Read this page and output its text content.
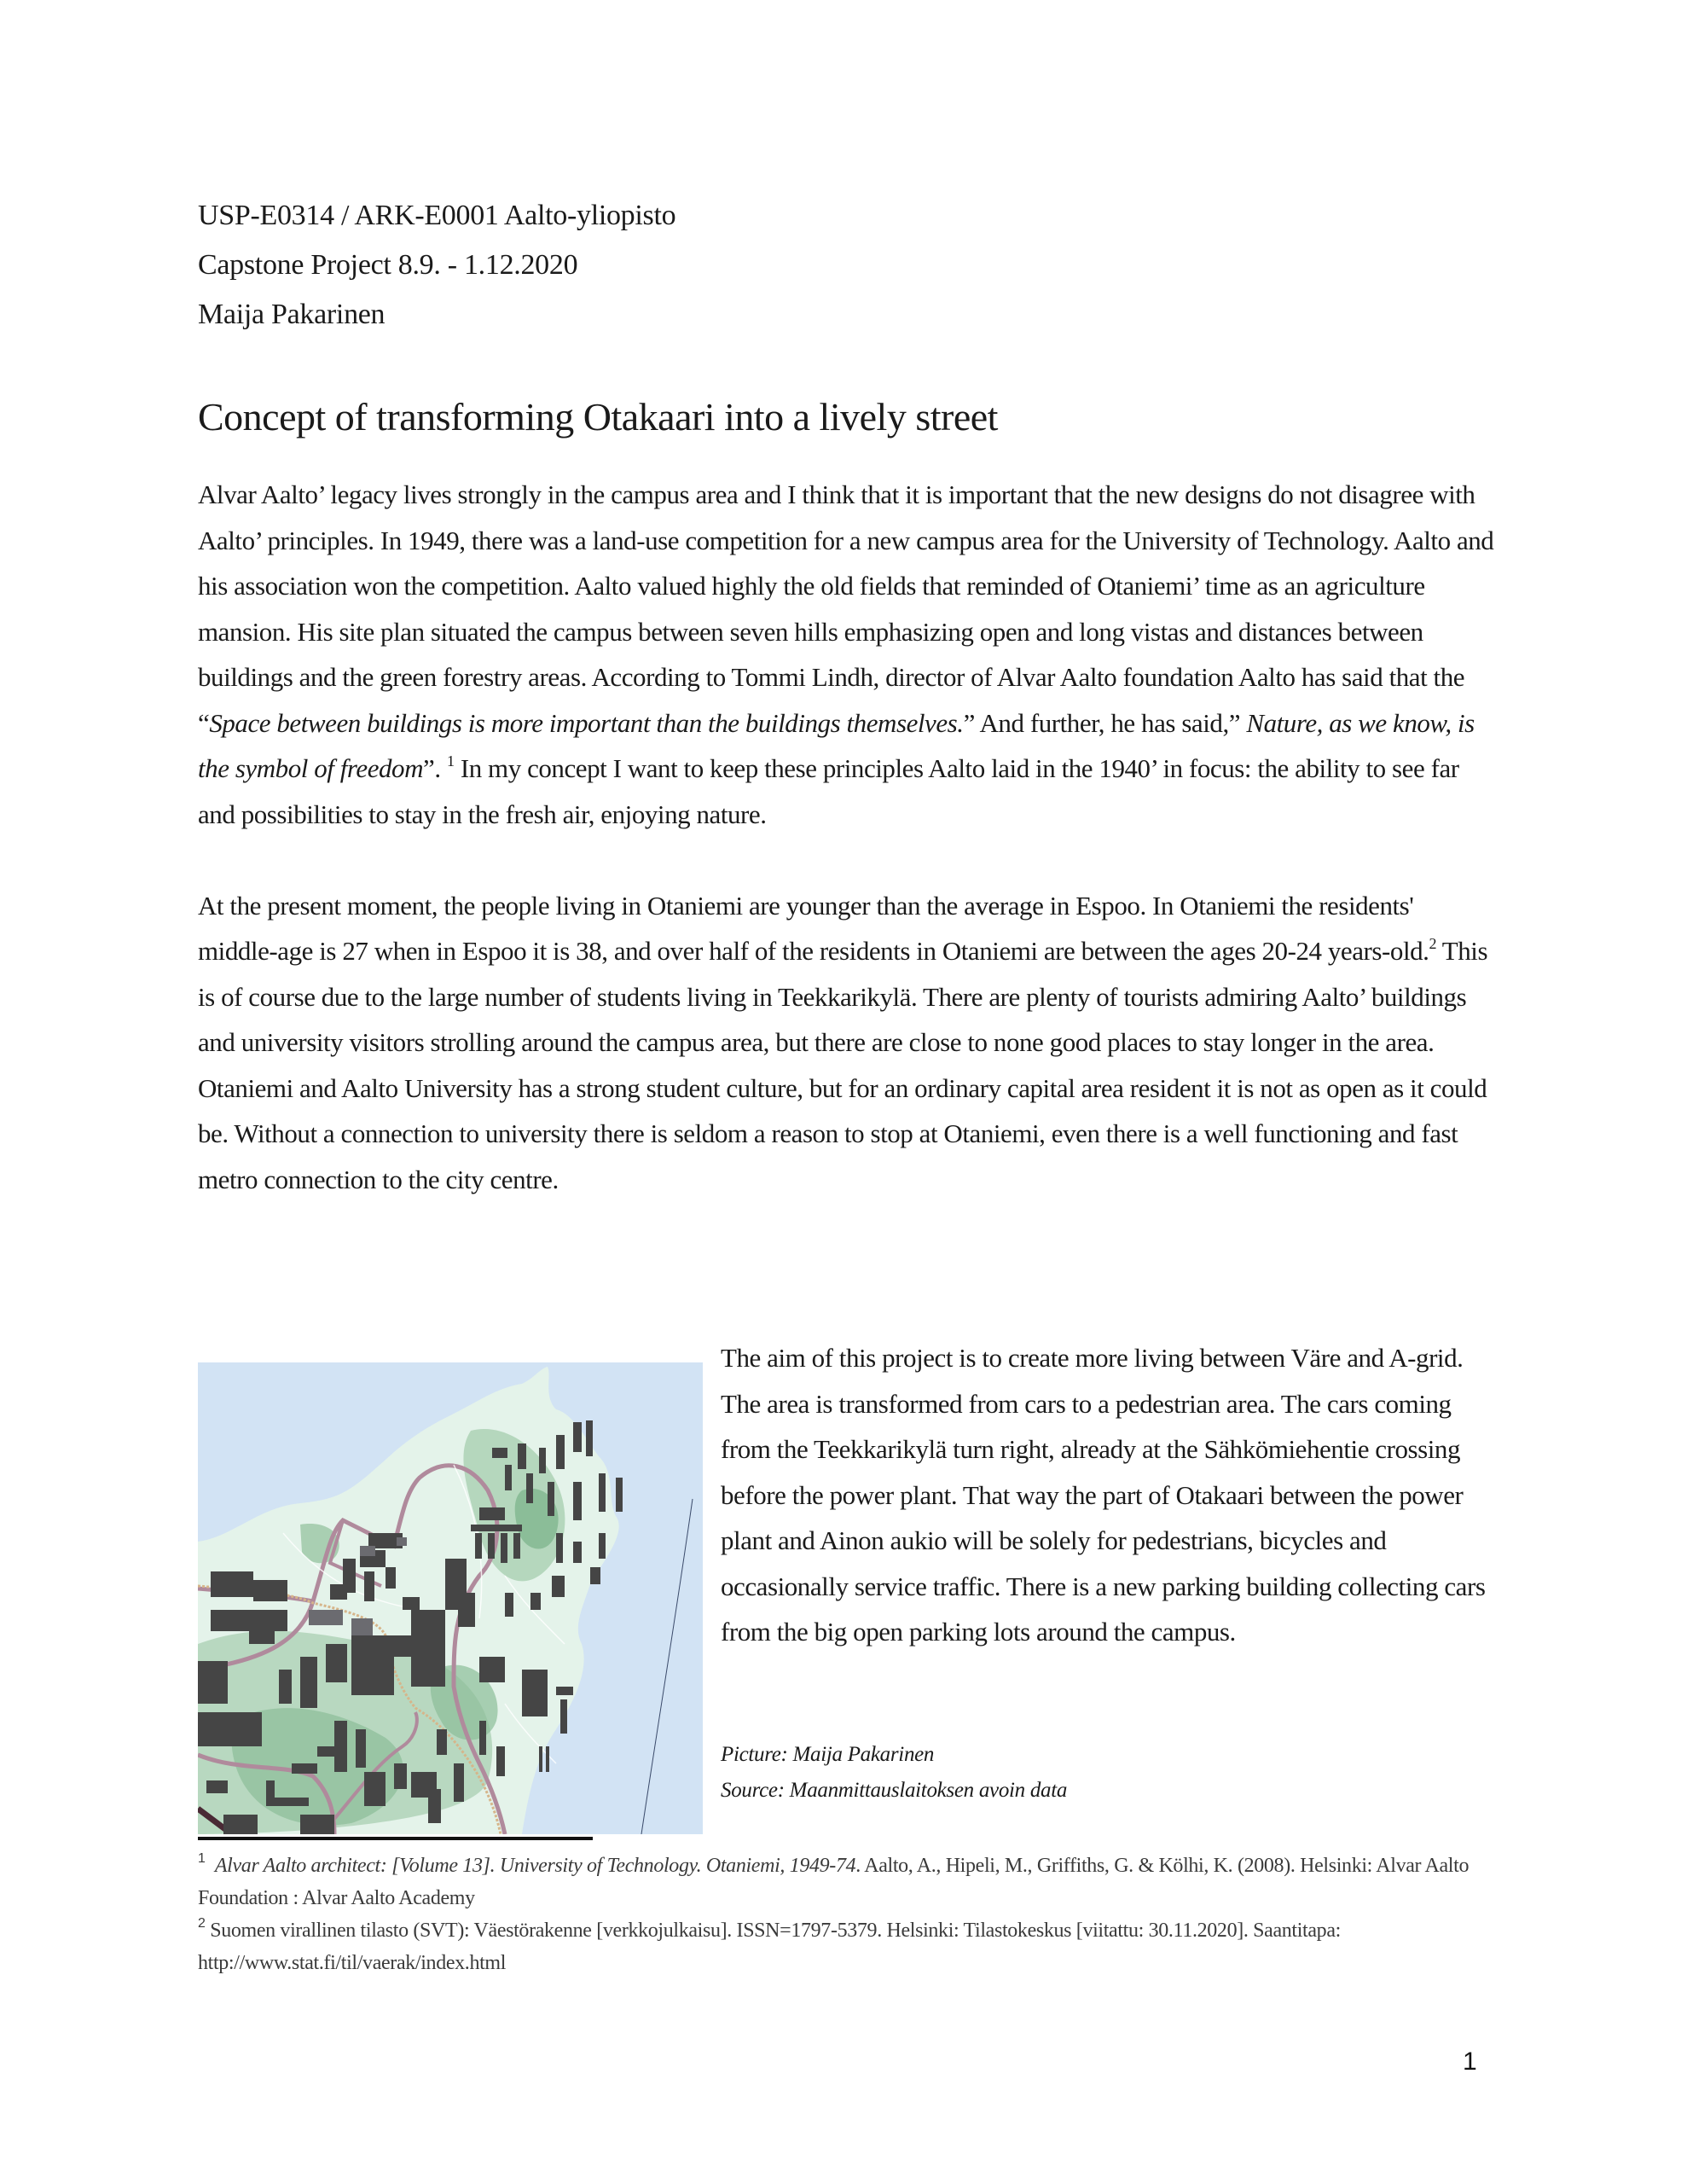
USP-E0314 / ARK-E0001 Aalto-yliopisto
Capstone Project 8.9. - 1.12.2020
Maija Pakarinen
Concept of transforming Otakaari into a lively street

Alvar Aalto’ legacy lives strongly in the campus area and I think that it is important that the new designs do not disagree with Aalto’ principles. In 1949, there was a land-use competition for a new campus area for the University of Technology. Aalto and his association won the competition. Aalto valued highly the old fields that reminded of Otaniemi’ time as an agriculture mansion. His site plan situated the campus between seven hills emphasizing open and long vistas and distances between buildings and the green forestry areas. According to Tommi Lindh, director of Alvar Aalto foundation Aalto has said that the “Space between buildings is more important than the buildings themselves.” And further, he has said,” Nature, as we know, is the symbol of freedom”. $^1$ In my concept I want to keep these principles Aalto laid in the 1940’ in focus: the ability to see far and possibilities to stay in the fresh air, enjoying nature.

At the present moment, the people living in Otaniemi are younger than the average in Espoo. In Otaniemi the residents' middle-age is 27 when in Espoo it is 38, and over half of the residents in Otaniemi are between the ages 20-24 years-old.$^2$ This is of course due to the large number of students living in Teekkarikylä. There are plenty of tourists admiring Aalto’ buildings and university visitors strolling around the campus area, but there are close to none good places to stay longer in the area. Otaniemi and Aalto University has a strong student culture, but for an ordinary capital area resident it is not as open as it could be. Without a connection to university there is seldom a reason to stop at Otaniemi, even there is a well functioning and fast metro connection to the city centre.

The aim of this project is to create more living between Väre and A-grid. The area is transformed from cars to a pedestrian area. The cars coming from the Teekkarikylä turn right, already at the Sähkömiehentie crossing before the power plant. That way the part of Otakaari between the power plant and Ainon aukio will be solely for pedestrians, bicycles and occasionally service traffic. There is a new parking building collecting cars from the big open parking lots around the campus.
Picture: Maija Pakarinen
Source: Maanmittauslaitoksen avoin data
$^1$ Alvar Aalto architect: [Volume 13]. University of Technology. Otaniemi, 1949-74. Aalto, A., Hipeli, M., Griffiths, G. & Kölhi, K. (2008). Helsinki: Alvar Aalto Foundation : Alvar Aalto Academy
$^2$ Suomen virallinen tilasto (SVT): Väestörakenne [verkkojulkaisu]. ISSN=1797-5379. Helsinki: Tilastokeskus [viitattu: 30.11.2020]. Saantitapa: http://www.stat.fi/til/vaerak/index.html
1
